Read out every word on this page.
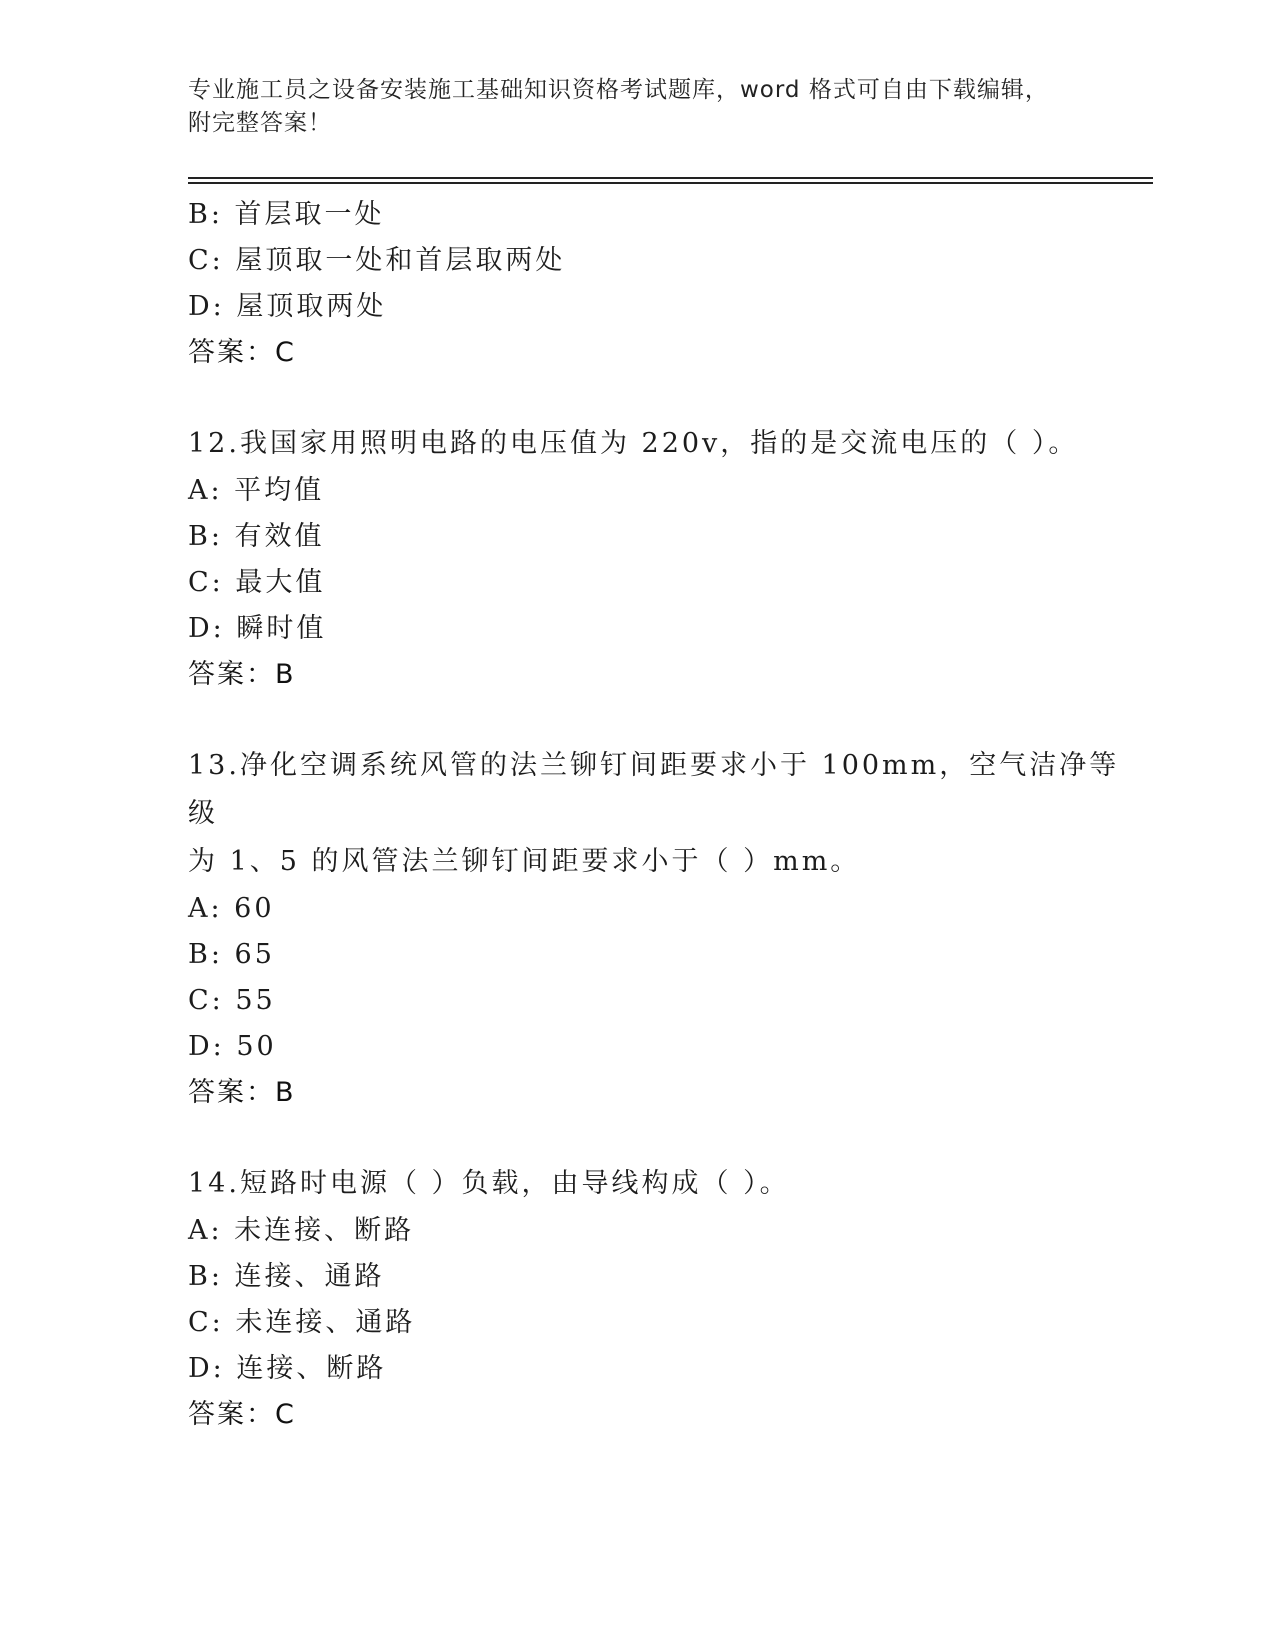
专业施工员之设备安装施工基础知识资格考试题库，word 格式可自由下载编辑，
附完整答案！
B: 首层取一处
C: 屋顶取一处和首层取两处
D: 屋顶取两处
答案：C
12.我国家用照明电路的电压值为 220v，指的是交流电压的（ ）。
A: 平均值
B: 有效值
C: 最大值
D: 瞬时值
答案：B
13.净化空调系统风管的法兰铆钉间距要求小于 100mm，空气洁净等级
为 1、5 的风管法兰铆钉间距要求小于（ ）mm。
A: 60
B: 65
C: 55
D: 50
答案：B
14.短路时电源（ ）负载，由导线构成（ ）。
A: 未连接、断路
B: 连接、通路
C: 未连接、通路
D: 连接、断路
答案：C
